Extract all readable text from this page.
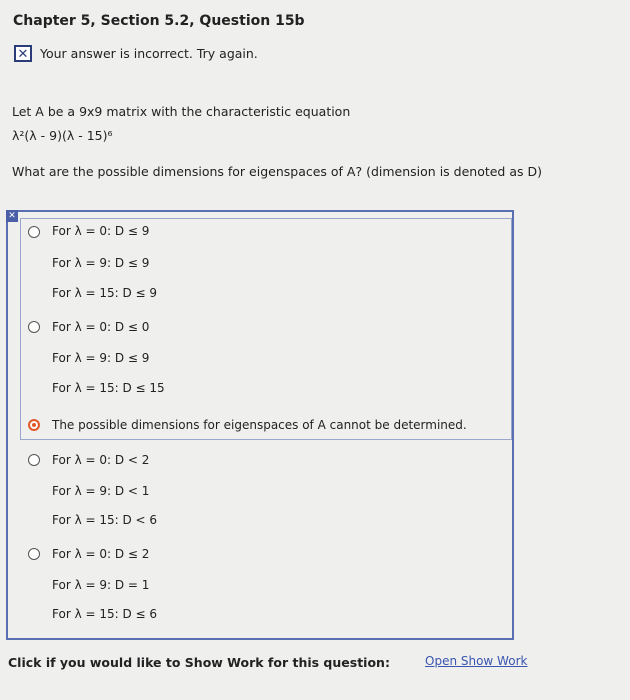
Chapter 5, Section 5.2, Question 15b
✕ Your answer is incorrect. Try again.
Let A be a 9x9 matrix with the characteristic equation
λ²(λ - 9)(λ - 15)⁶
What are the possible dimensions for eigenspaces of A? (dimension is denoted as D)
✕
For λ = 0: D ≤ 9
For λ = 9: D ≤ 9
For λ = 15: D ≤ 9
For λ = 0: D ≤ 0
For λ = 9: D ≤ 9
For λ = 15: D ≤ 15
The possible dimensions for eigenspaces of A cannot be determined.
For λ = 0: D < 2
For λ = 9: D < 1
For λ = 15: D < 6
For λ = 0: D ≤ 2
For λ = 9: D = 1
For λ = 15: D ≤ 6
Click if you would like to Show Work for this question:	Open Show Work
